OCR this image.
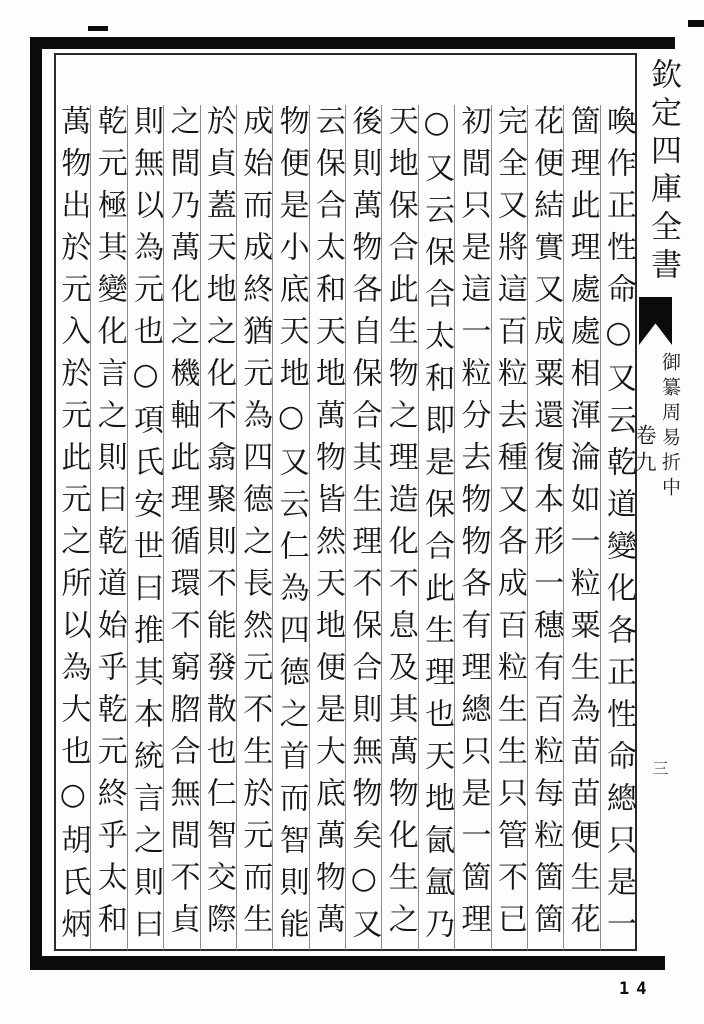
喚作正性命○又云乾道變化各正性命總只是一
箇理此理處處相渾淪如一粒粟生為苗苗便生花
花便結實又成粟還復本形一穗有百粒每粒箇箇
完全又將這百粒去種又各成百粒生生只管不已
初間只是這一粒分去物物各有理總只是一箇理
○又云保合太和即是保合此生理也天地氤氲乃
天地保合此生物之理造化不息及其萬物化生之
後則萬物各自保合其生理不保合則無物矣○又
云保合太和天地萬物皆然天地便是大底萬物萬
物便是小底天地○又云仁為四德之首而智則能
成始而成終猶元為四德之長然元不生於元而生
於貞蓋天地之化不翕聚則不能發散也仁智交際
之間乃萬化之機軸此理循環不窮脗合無間不貞
則無以為元也○項氏安世曰推其本統言之則曰
乾元極其變化言之則曰乾道始乎乾元終乎太和
萬物出於元入於元此元之所以為大也○胡氏炳	欽定四庫全書
御纂周易折中
卷九
三
14
